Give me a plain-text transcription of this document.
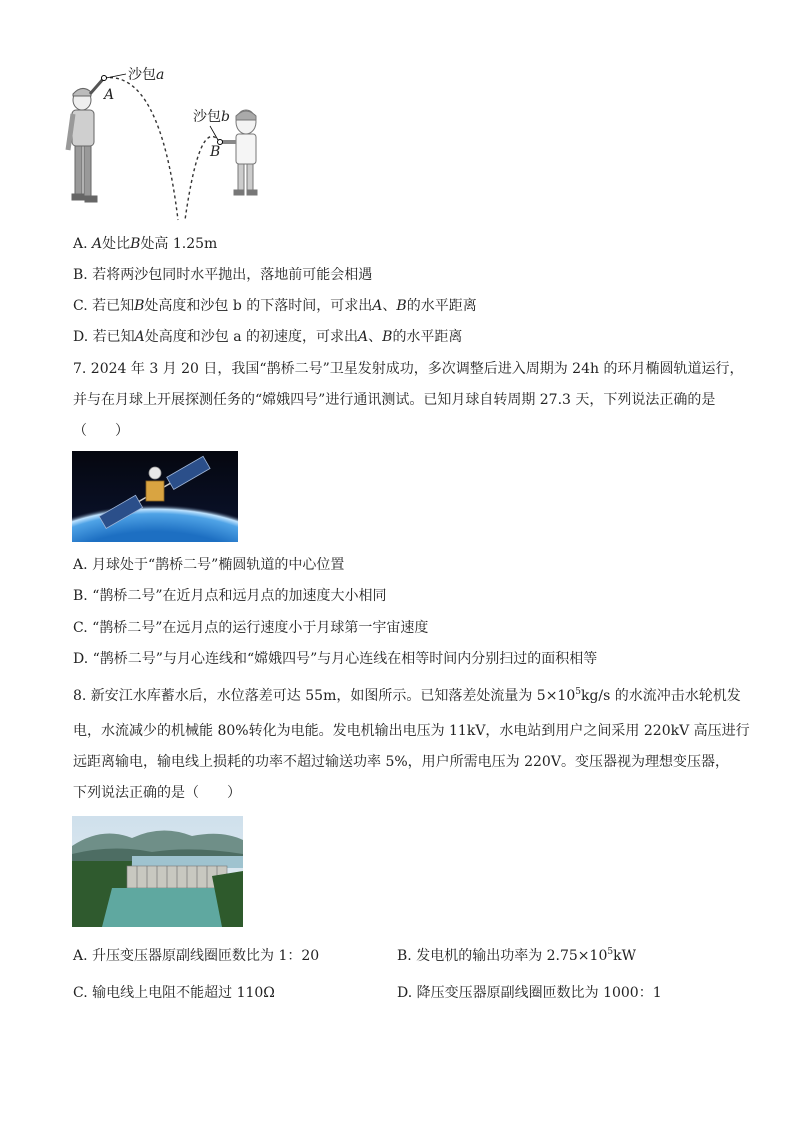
沙包a
A
沙包b
B
A. A处比B处高 1.25m
B. 若将两沙包同时水平抛出，落地前可能会相遇
C. 若已知B处高度和沙包 b 的下落时间，可求出A、B的水平距离
D. 若已知A处高度和沙包 a 的初速度，可求出A、B的水平距离
7. 2024 年 3 月 20 日，我国“鹊桥二号”卫星发射成功，多次调整后进入周期为 24h 的环月椭圆轨道运行，
并与在月球上开展探测任务的“嫦娥四号”进行通讯测试。已知月球自转周期 27.3 天，下列说法正确的是
（　　）
A. 月球处于“鹊桥二号”椭圆轨道的中心位置
B. “鹊桥二号”在近月点和远月点的加速度大小相同
C. “鹊桥二号”在远月点的运行速度小于月球第一宇宙速度
D. “鹊桥二号”与月心连线和“嫦娥四号”与月心连线在相等时间内分别扫过的面积相等
8. 新安江水库蓄水后，水位落差可达 55m，如图所示。已知落差处流量为 $5\times 10^5kg/s$ 的水流冲击水轮机发
电，水流减少的机械能 80%转化为电能。发电机输出电压为 11kV，水电站到用户之间采用 220kV 高压进行
远距离输电，输电线上损耗的功率不超过输送功率 5%，用户所需电压为 220V。变压器视为理想变压器，
下列说法正确的是（　　）
A. 升压变压器原副线圈匝数比为 1：20	B. 发电机的输出功率为 $2.75\times 10^5kW$
C. 输电线上电阻不能超过 110Ω	D. 降压变压器原副线圈匝数比为 1000：1
